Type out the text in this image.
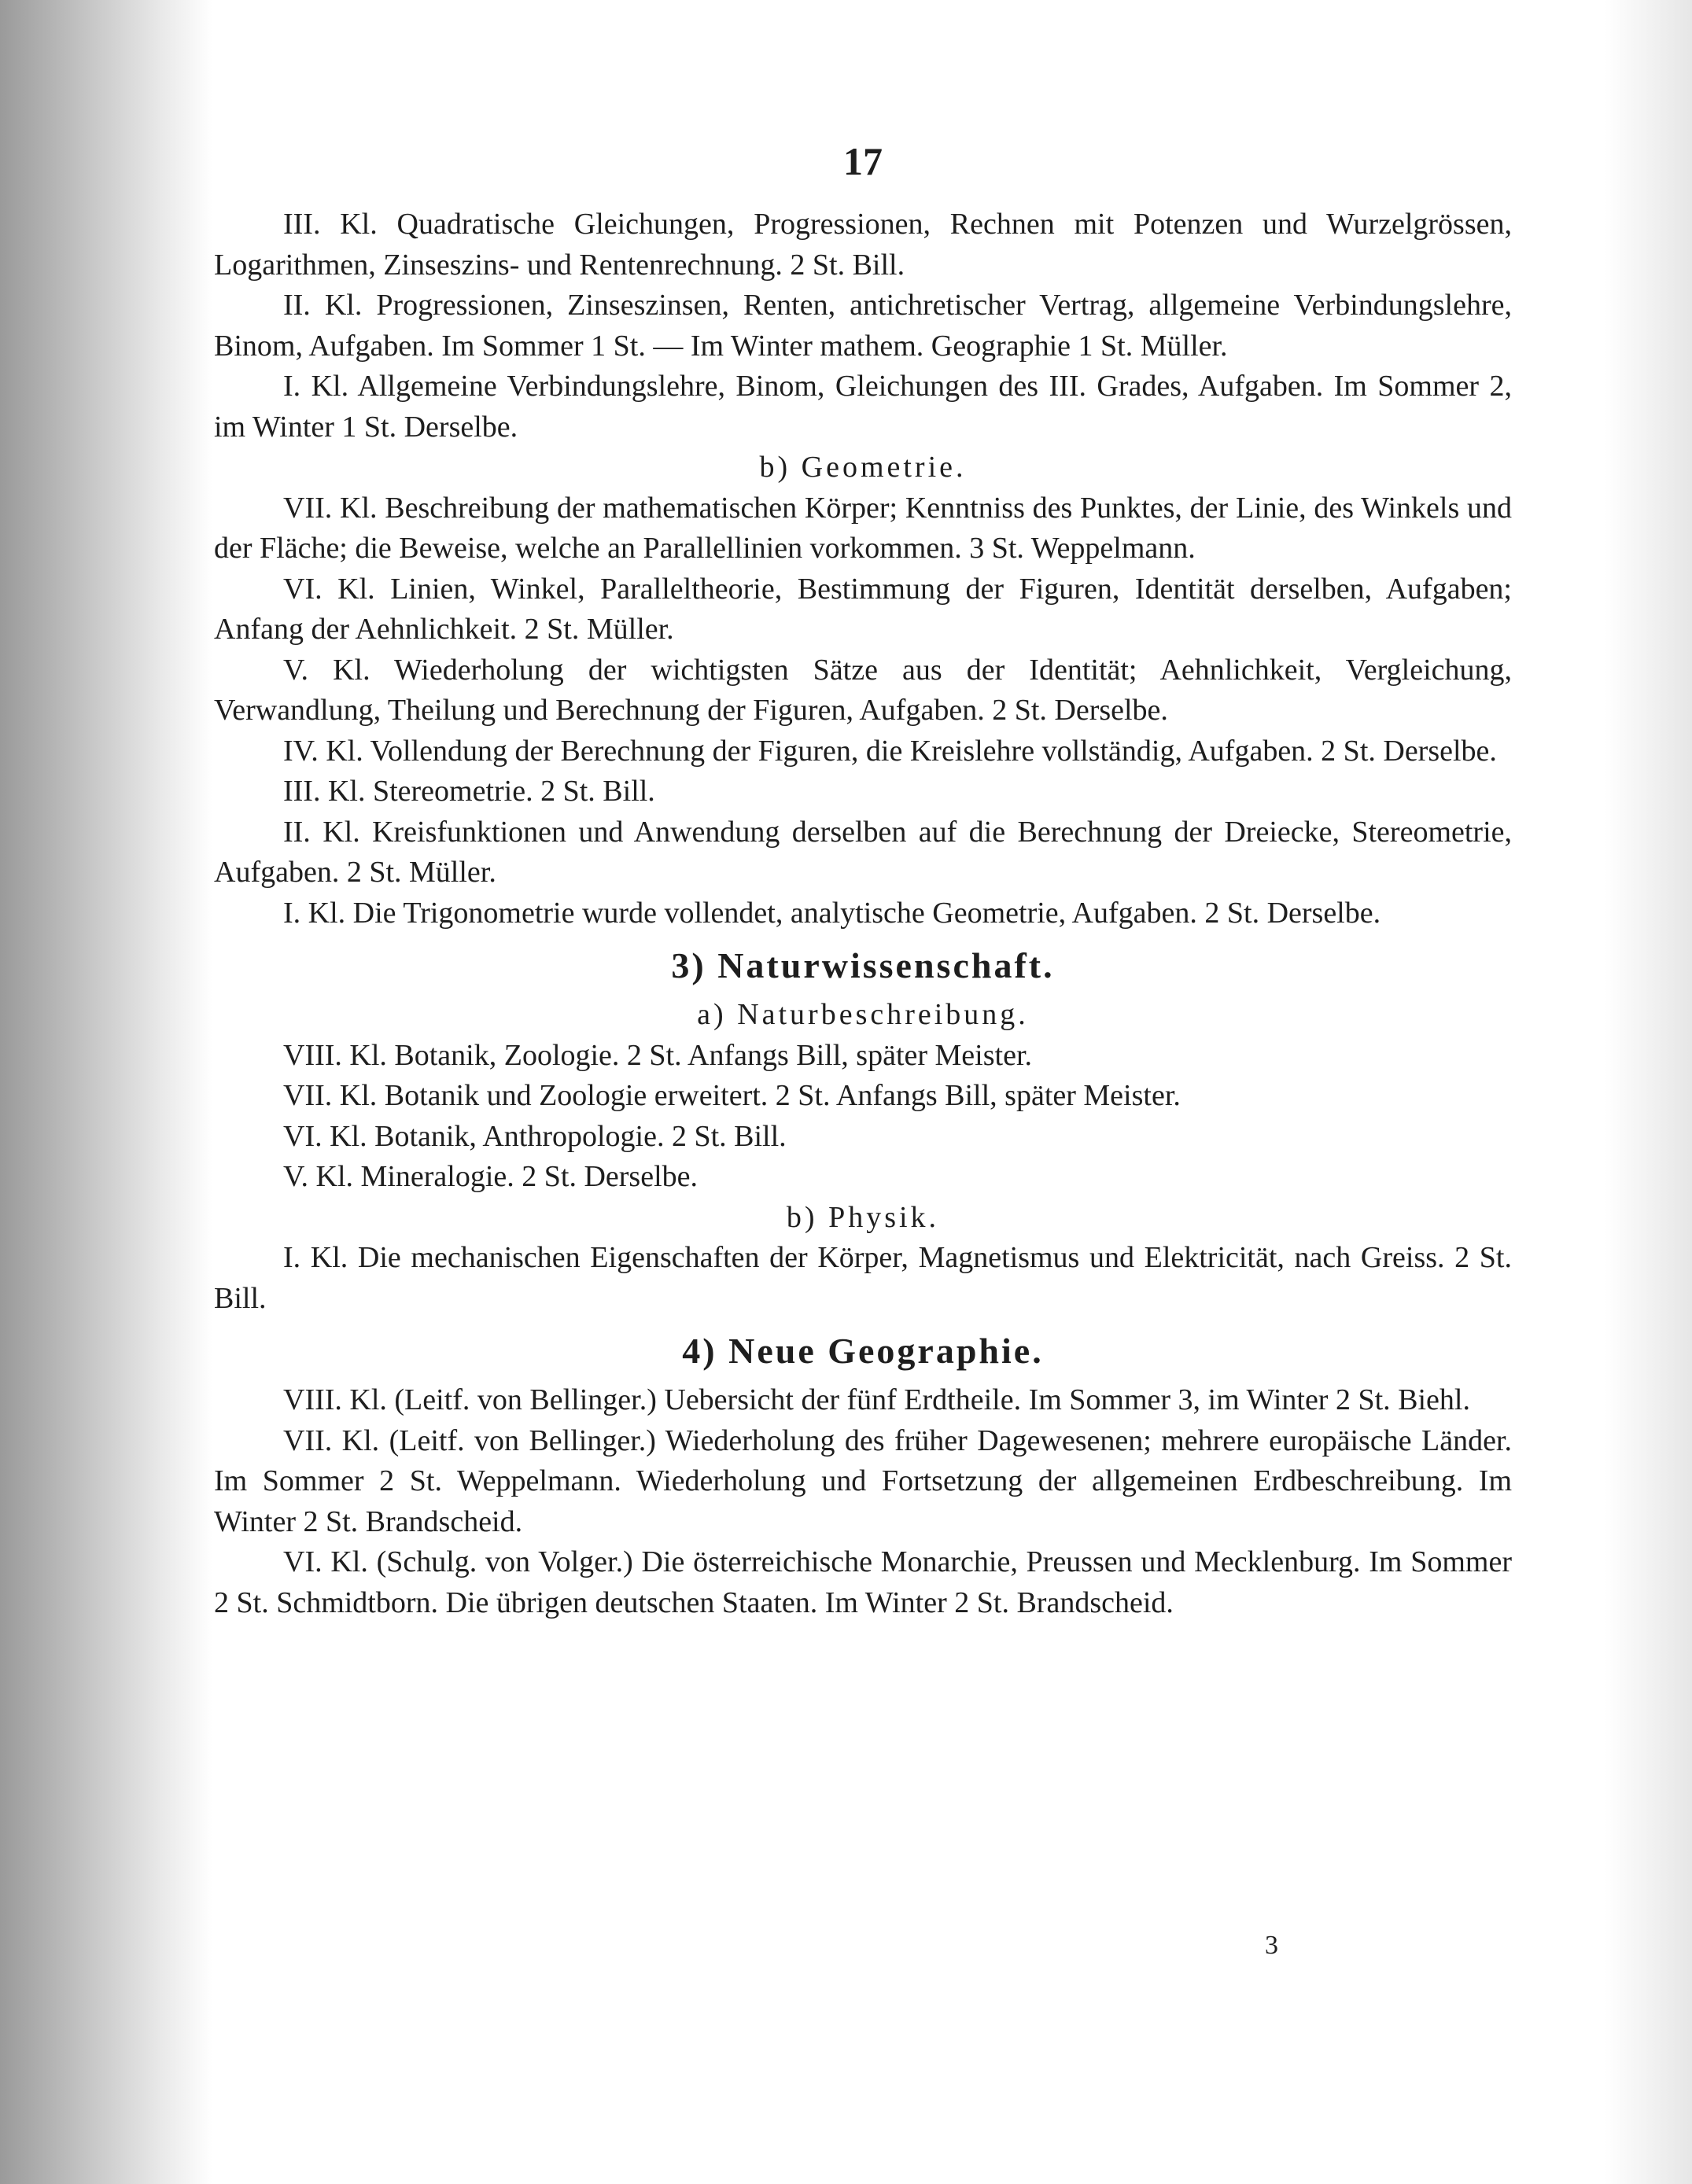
17

III. Kl. Quadratische Gleichungen, Progressionen, Rechnen mit Potenzen und Wurzelgrössen, Logarithmen, Zinseszins- und Rentenrechnung. 2 St. Bill.

II. Kl. Progressionen, Zinseszinsen, Renten, antichretischer Vertrag, allgemeine Verbindungslehre, Binom, Aufgaben. Im Sommer 1 St. — Im Winter mathem. Geographie 1 St. Müller.

I. Kl. Allgemeine Verbindungslehre, Binom, Gleichungen des III. Grades, Aufgaben. Im Sommer 2, im Winter 1 St. Derselbe.

b) Geometrie.

VII. Kl. Beschreibung der mathematischen Körper; Kenntniss des Punktes, der Linie, des Winkels und der Fläche; die Beweise, welche an Parallellinien vorkommen. 3 St. Weppelmann.

VI. Kl. Linien, Winkel, Paralleltheorie, Bestimmung der Figuren, Identität derselben, Aufgaben; Anfang der Aehnlichkeit. 2 St. Müller.

V. Kl. Wiederholung der wichtigsten Sätze aus der Identität; Aehnlichkeit, Vergleichung, Verwandlung, Theilung und Berechnung der Figuren, Aufgaben. 2 St. Derselbe.

IV. Kl. Vollendung der Berechnung der Figuren, die Kreislehre vollständig, Aufgaben. 2 St. Derselbe.

III. Kl. Stereometrie. 2 St. Bill.

II. Kl. Kreisfunktionen und Anwendung derselben auf die Berechnung der Dreiecke, Stereometrie, Aufgaben. 2 St. Müller.

I. Kl. Die Trigonometrie wurde vollendet, analytische Geometrie, Aufgaben. 2 St. Derselbe.

3) Naturwissenschaft.

a) Naturbeschreibung.

VIII. Kl. Botanik, Zoologie. 2 St. Anfangs Bill, später Meister.

VII. Kl. Botanik und Zoologie erweitert. 2 St. Anfangs Bill, später Meister.

VI. Kl. Botanik, Anthropologie. 2 St. Bill.

V. Kl. Mineralogie. 2 St. Derselbe.

b) Physik.

I. Kl. Die mechanischen Eigenschaften der Körper, Magnetismus und Elektricität, nach Greiss. 2 St. Bill.

4) Neue Geographie.

VIII. Kl. (Leitf. von Bellinger.) Uebersicht der fünf Erdtheile. Im Sommer 3, im Winter 2 St. Biehl.

VII. Kl. (Leitf. von Bellinger.) Wiederholung des früher Dagewesenen; mehrere europäische Länder. Im Sommer 2 St. Weppelmann. Wiederholung und Fortsetzung der allgemeinen Erdbeschreibung. Im Winter 2 St. Brandscheid.

VI. Kl. (Schulg. von Volger.) Die österreichische Monarchie, Preussen und Mecklenburg. Im Sommer 2 St. Schmidtborn. Die übrigen deutschen Staaten. Im Winter 2 St. Brandscheid.

3
